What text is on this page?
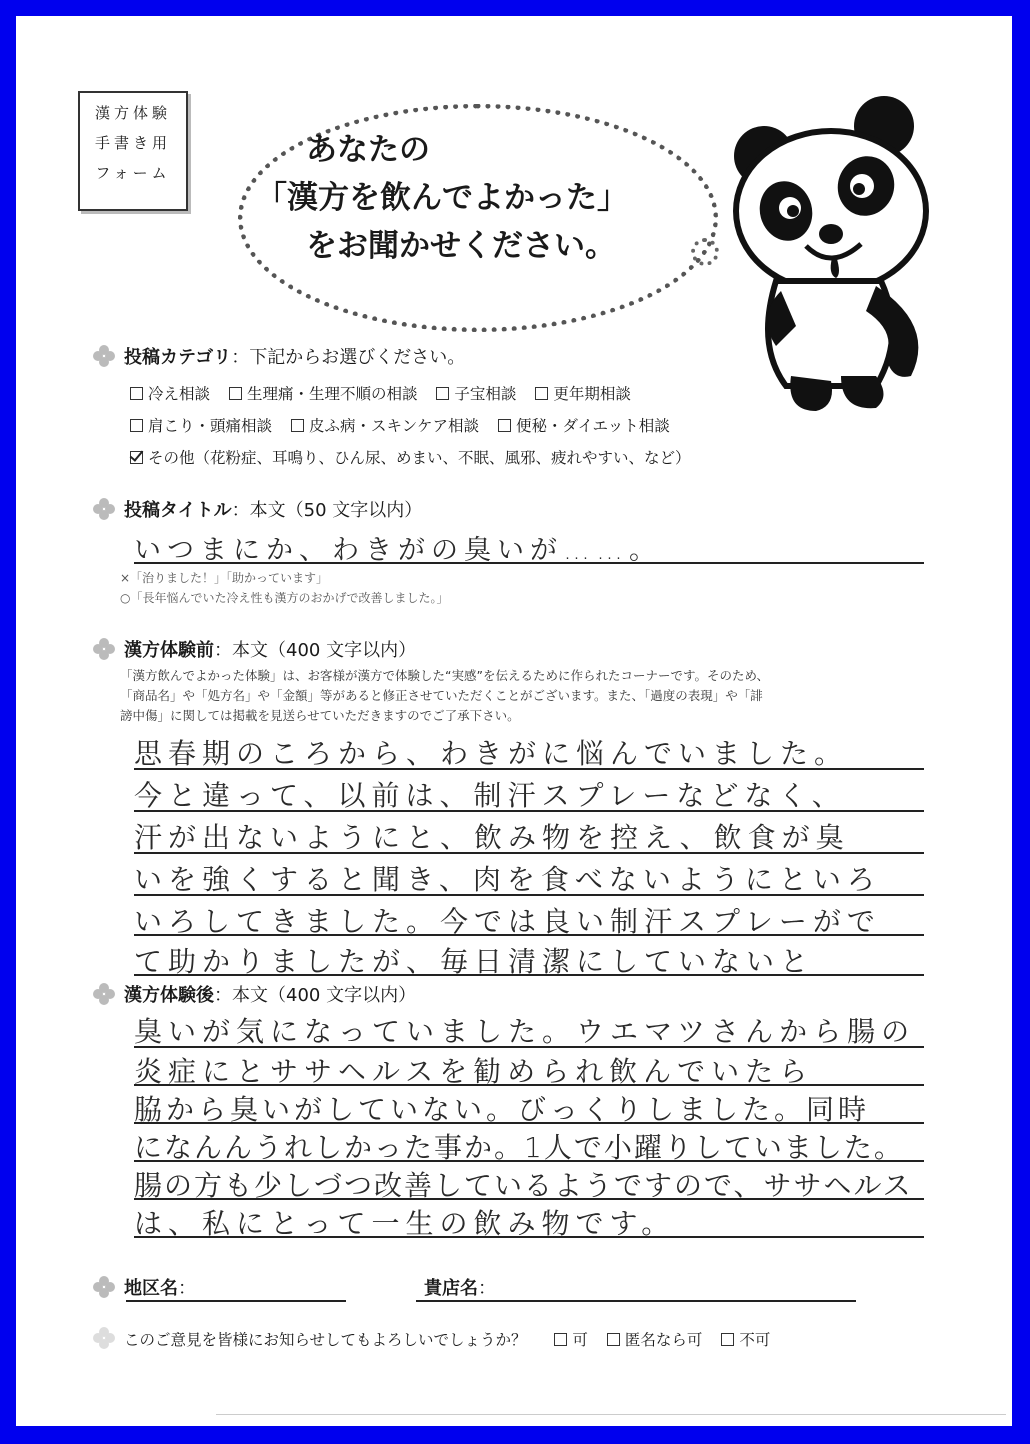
漢方体験
手書き用
フォーム
あなたの
「漢方を飲んでよかった」
をお聞かせください。
投稿カテゴリ：下記からお選びください。
冷え相談 生理痛・生理不順の相談 子宝相談 更年期相談
肩こり・頭痛相談 皮ふ病・スキンケア相談 便秘・ダイエット相談
その他（花粉症、耳鳴り、ひん尿、めまい、不眠、風邪、疲れやすい、など）
投稿タイトル：本文（50 文字以内）
いつまにか、わきがの臭いが……。
×「治りました！」「助かっています」
○「長年悩んでいた冷え性も漢方のおかげで改善しました。」
漢方体験前：本文（400 文字以内）
「漢方飲んでよかった体験」は、お客様が漢方で体験した“実感”を伝えるために作られたコーナーです。そのため、
「商品名」や「処方名」や「金額」等があると修正させていただくことがございます。また、「過度の表現」や「誹
謗中傷」に関しては掲載を見送らせていただきますのでご了承下さい。
思春期のころから、わきがに悩んでいました。
今と違って、以前は、制汗スプレーなどなく、
汗が出ないようにと、飲み物を控え、飲食が臭
いを強くすると聞き、肉を食べないようにといろ
いろしてきました。今では良い制汗スプレーがで
て助かりましたが、毎日清潔にしていないと
漢方体験後：本文（400 文字以内）
臭いが気になっていました。ウエマツさんから腸の
炎症にとササヘルスを勧められ飲んでいたら
脇から臭いがしていない。びっくりしました。同時
になんんうれしかった事か。1人で小躍りしていました。
腸の方も少しづつ改善しているようですので、ササヘルス
は、私にとって一生の飲み物です。
地区名：	貴店名：
このご意見を皆様にお知らせしてもよろしいでしょうか？	可 匿名なら可 不可
